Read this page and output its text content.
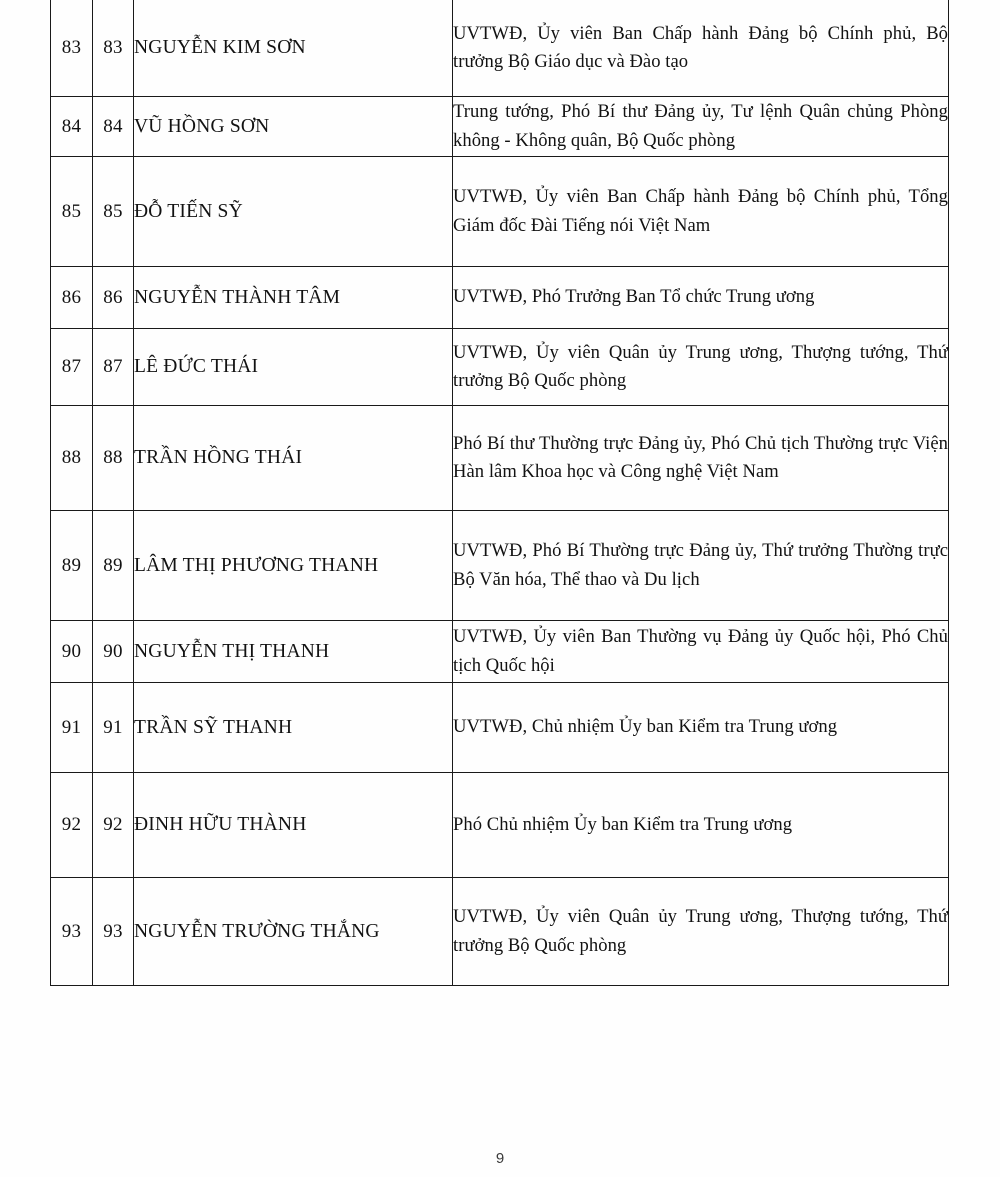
83	83	NGUYỄN KIM SƠN	UVTWĐ, Ủy viên Ban Chấp hành Đảng bộ Chính phủ, Bộ trưởng Bộ Giáo dục và Đào tạo

84	84	VŨ HỒNG SƠN	Trung tướng, Phó Bí thư Đảng ủy, Tư lệnh Quân chủng Phòng không - Không quân, Bộ Quốc phòng

85	85	ĐỖ TIẾN SỸ	UVTWĐ, Ủy viên Ban Chấp hành Đảng bộ Chính phủ, Tổng Giám đốc Đài Tiếng nói Việt Nam

86	86	NGUYỄN THÀNH TÂM	UVTWĐ, Phó Trưởng Ban Tổ chức Trung ương

87	87	LÊ ĐỨC THÁI	UVTWĐ, Ủy viên Quân ủy Trung ương, Thượng tướng, Thứ trưởng Bộ Quốc phòng

88	88	TRẦN HỒNG THÁI	Phó Bí thư Thường trực Đảng ủy, Phó Chủ tịch Thường trực Viện Hàn lâm Khoa học và Công nghệ Việt Nam

89	89	LÂM THỊ PHƯƠNG THANH	UVTWĐ, Phó Bí Thường trực Đảng ủy, Thứ trưởng Thường trực Bộ Văn hóa, Thể thao và Du lịch

90	90	NGUYỄN THỊ THANH	UVTWĐ, Ủy viên Ban Thường vụ Đảng ủy Quốc hội, Phó Chủ tịch Quốc hội

91	91	TRẦN SỸ THANH	UVTWĐ, Chủ nhiệm Ủy ban Kiểm tra Trung ương

92	92	ĐINH HỮU THÀNH	Phó Chủ nhiệm Ủy ban Kiểm tra Trung ương

93	93	NGUYỄN TRƯỜNG THẮNG	UVTWĐ, Ủy viên Quân ủy Trung ương, Thượng tướng, Thứ trưởng Bộ Quốc phòng

9
